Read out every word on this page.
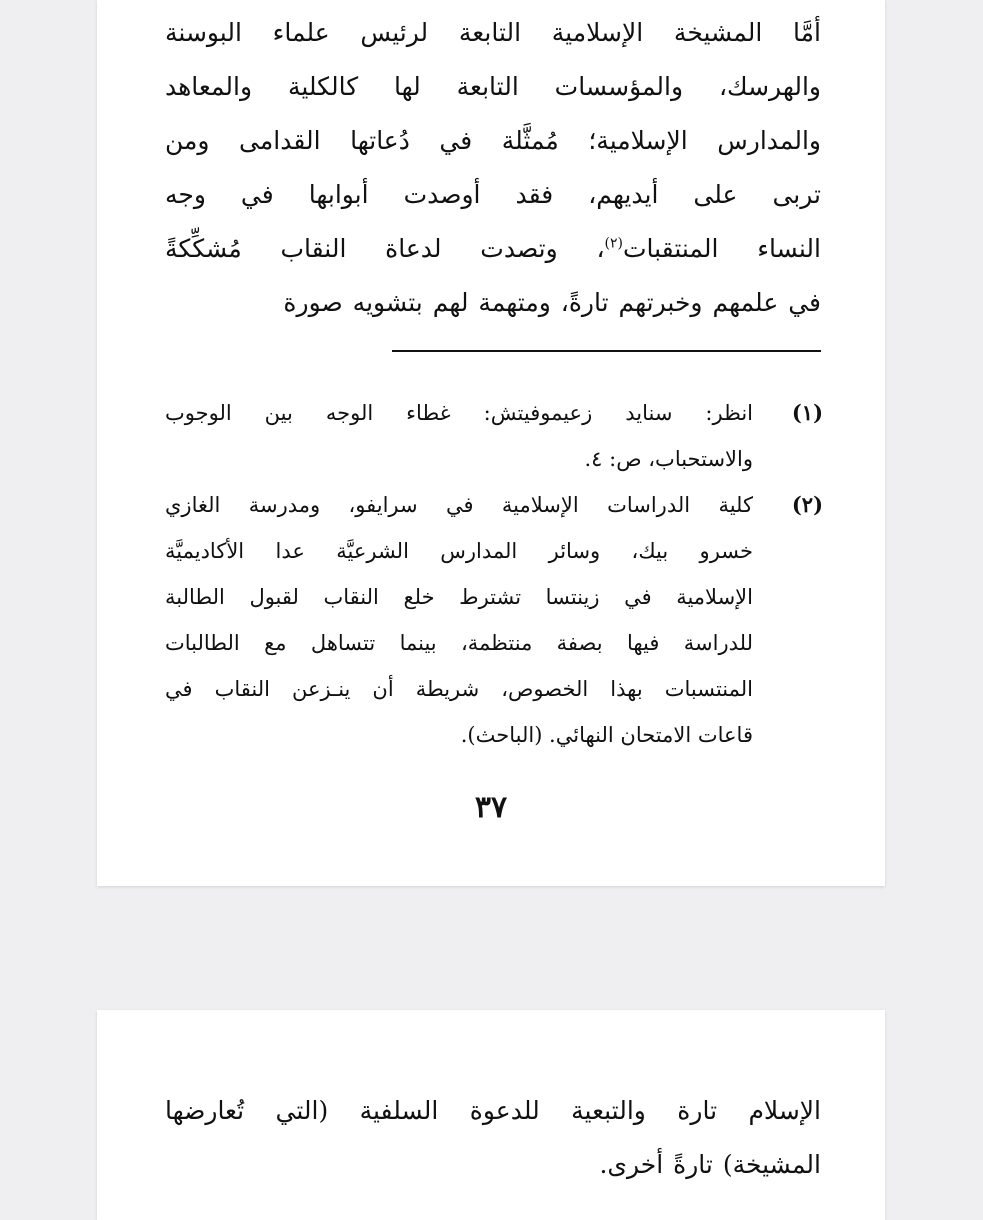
أمَّا المشيخة الإسلامية التابعة لرئيس علماء البوسنة
والهرسك، والمؤسسات التابعة لها كالكلية والمعاهد
والمدارس الإسلامية؛ مُمثَّلة في دُعاتها القدامى ومن
تربى على أيديهم، فقد أوصدت أبوابها في وجه
النساء المنتقبات$^{(٢)}$، وتصدت لدعاة النقاب مُشكِّكةً
في علمهم وخبرتهم تارةً، ومتهمة لهم بتشويه صورة
(١)
انظر: سنايد زعيموفيتش: غطاء الوجه بين الوجوب
والاستحباب، ص: ٤.
(٢)
كلية الدراسات الإسلامية في سرايفو، ومدرسة الغازي
خسرو بيك، وسائر المدارس الشرعيَّة عدا الأكاديميَّة
الإسلامية في زينتسا تشترط خلع النقاب لقبول الطالبة
للدراسة فيها بصفة منتظمة، بينما تتساهل مع الطالبات
المنتسبات بهذا الخصوص، شريطة أن ينـزعن النقاب في
قاعات الامتحان النهائي. (الباحث).
٣٧
الإسلام تارة والتبعية للدعوة السلفية (التي تُعارضها
المشيخة) تارةً أخرى.
